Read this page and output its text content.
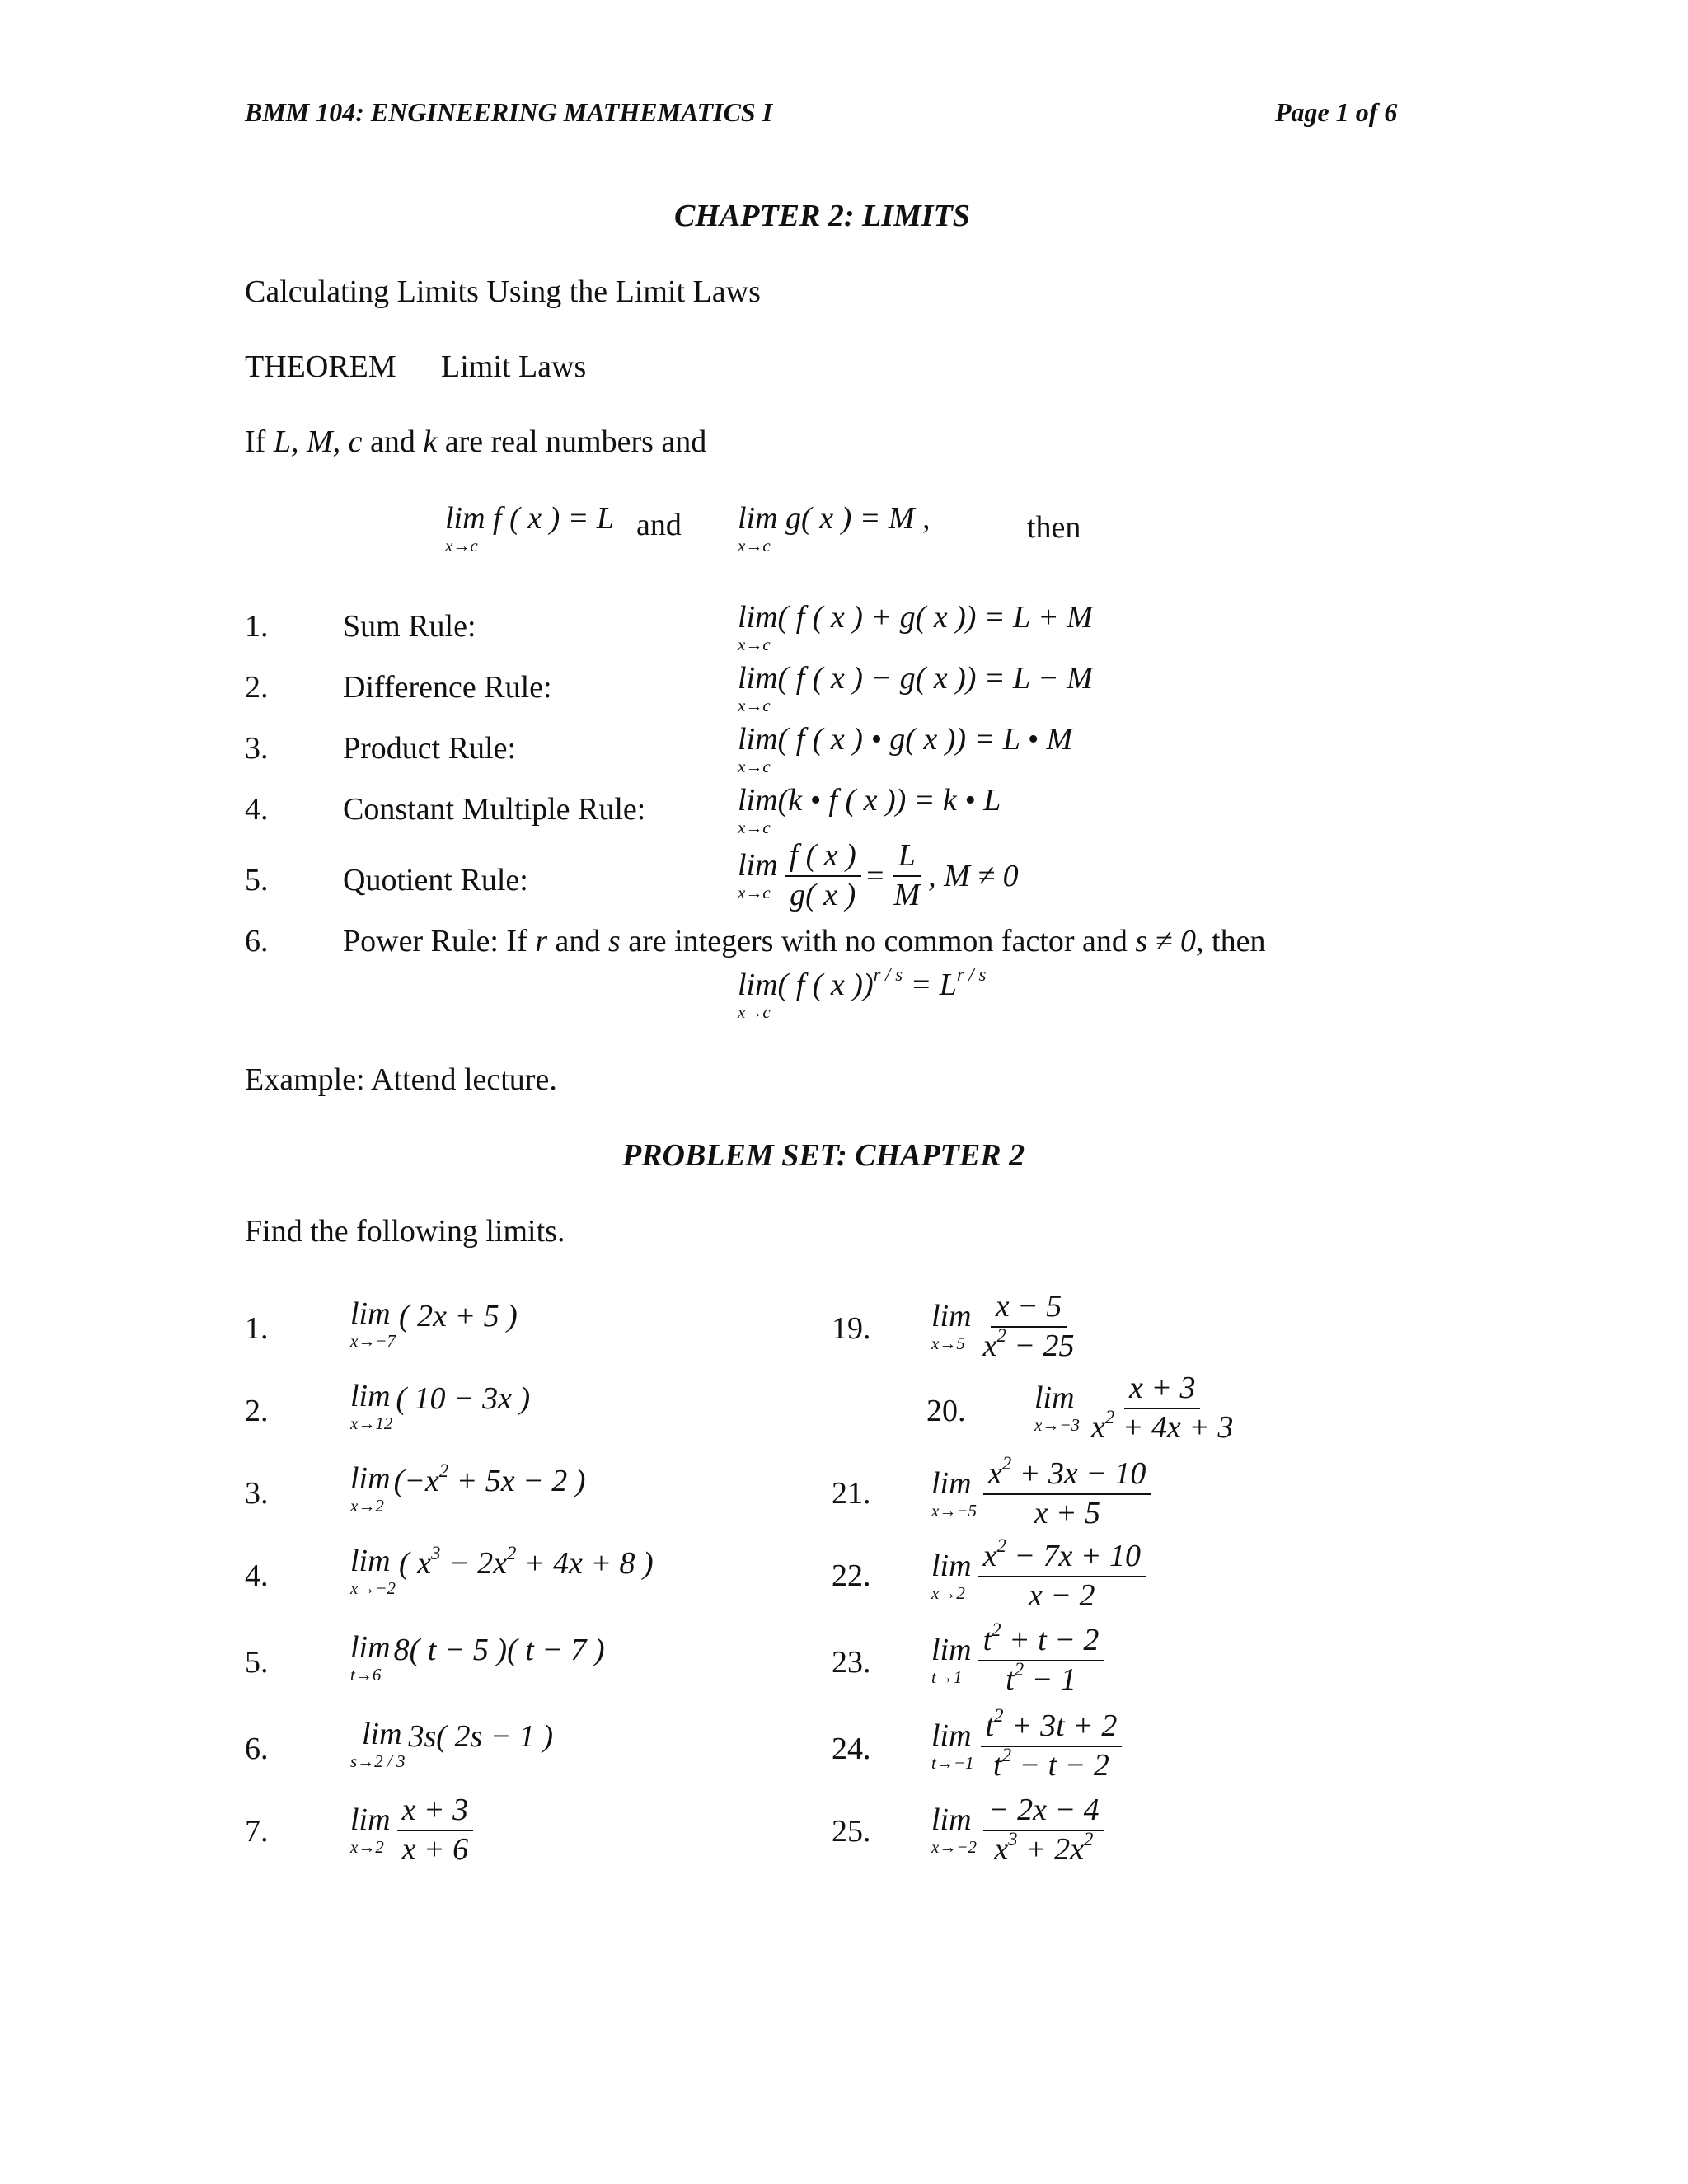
BMM 104: ENGINEERING MATHEMATICS I	Page 1 of 6
CHAPTER 2: LIMITS
Calculating Limits Using the Limit Laws
THEOREM Limit Laws
If L, M, c and k are real numbers and
lim f ( x ) = L
x→c
and lim g( x ) = M ,
x→c
then
1. Sum Rule:	lim( f ( x ) + g( x )) = L + M
x→c
2. Difference Rule:	lim( f ( x ) − g( x )) = L − M
x→c
3. Product Rule:	lim( f ( x ) • g( x )) = L • M
x→c
4. Constant Multiple Rule:	lim(k • f ( x )) = k • L
x→c
5. Quotient Rule:	lim
$x\to c \frac{f ( x )}{g( x )} = \frac{L}{M}$ , M ≠ 0
6. Power Rule: If r and s are integers with no common factor and s ≠ 0, then
lim( f ( x ))$^{r / s} = L^{r / s}$
x→c
Example: Attend lecture.
PROBLEM SET: CHAPTER 2
Find the following limits.
1.	lim
x→−7
( 2x + 5 )
2.	lim
x→12
( 10 − 3x )
3.	lim
x→2
($-x^2 + 5x - 2$ )
4.	lim
x→−2
( $x^3 - 2x^2 + 4x + 8$ )
5.	lim
t→6
8( t − 5 )( t − 7 )
6.	lim
s→2 / 3
3s( 2s − 1 )
7.	lim
$x\to 2 \frac{x + 3}{x + 6}$
19. lim
$x\to 5 \frac{x - 5}{x^2 - 25}$
20. lim
$x\to-3 \frac{x + 3}{x^2 + 4x + 3}$
21. lim
$x\to-5 \frac{x^2 + 3x - 10}{x + 5}$
22. lim
$x\to 2 \frac{x^2 - 7x + 10}{x - 2}$
23. lim
$t\to 1 \frac{t^2 + t - 2}{t^2 - 1}$
24. lim
$t\to-1 \frac{t^2 + 3t + 2}{t^2 - t - 2}$
25. lim
$x\to-2 \frac{- 2x - 4}{x^3 + 2x^2}$
